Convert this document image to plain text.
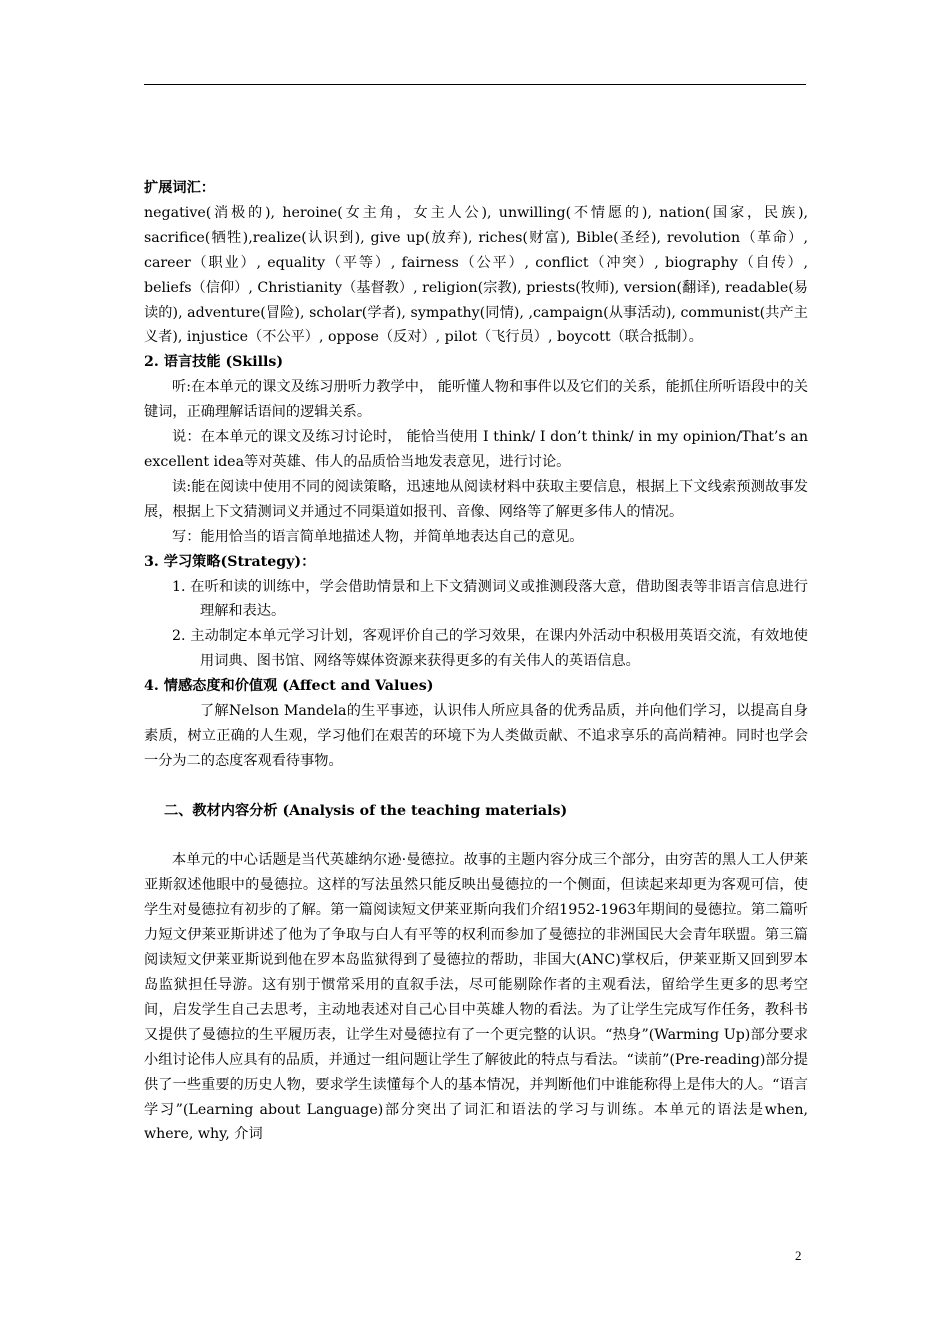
扩展词汇：

negative(消极的), heroine(女主角，女主人公), unwilling(不情愿的), nation(国家，民族), sacrifice(牺牲),realize(认识到), give up(放弃), riches(财富), Bible(圣经), revolution（革命）, career（职业）, equality（平等）, fairness（公平）, conflict（冲突）, biography（自传）, beliefs（信仰）, Christianity（基督教）, religion(宗教), priests(牧师), version(翻译), readable(易读的), adventure(冒险), scholar(学者), sympathy(同情), ,campaign(从事活动), communist(共产主义者), injustice（不公平）, oppose（反对）, pilot（飞行员）, boycott（联合抵制）。

2. 语言技能 (Skills)

听:在本单元的课文及练习册听力教学中， 能听懂人物和事件以及它们的关系，能抓住所听语段中的关键词，正确理解话语间的逻辑关系。

说：在本单元的课文及练习讨论时， 能恰当使用 I think/ I don’t think/ in my opinion/That’s an excellent idea等对英雄、伟人的品质恰当地发表意见，进行讨论。

读:能在阅读中使用不同的阅读策略，迅速地从阅读材料中获取主要信息，根据上下文线索预测故事发展，根据上下文猜测词义并通过不同渠道如报刊、音像、网络等了解更多伟人的情况。

写：能用恰当的语言简单地描述人物，并简单地表达自己的意见。

3. 学习策略(Strategy)：

1. 在听和读的训练中，学会借助情景和上下文猜测词义或推测段落大意，借助图表等非语言信息进行理解和表达。

2. 主动制定本单元学习计划，客观评价自己的学习效果，在课内外活动中积极用英语交流，有效地使用词典、图书馆、网络等媒体资源来获得更多的有关伟人的英语信息。

4. 情感态度和价值观 (Affect and Values)

了解Nelson Mandela的生平事迹，认识伟人所应具备的优秀品质，并向他们学习，以提高自身素质，树立正确的人生观，学习他们在艰苦的环境下为人类做贡献、不追求享乐的高尚精神。同时也学会一分为二的态度客观看待事物。

二、教材内容分析 (Analysis of the teaching materials)

本单元的中心话题是当代英雄纳尔逊·曼德拉。故事的主题内容分成三个部分，由穷苦的黑人工人伊莱亚斯叙述他眼中的曼德拉。这样的写法虽然只能反映出曼德拉的一个侧面，但读起来却更为客观可信，使学生对曼德拉有初步的了解。第一篇阅读短文伊莱亚斯向我们介绍1952-1963年期间的曼德拉。第二篇听力短文伊莱亚斯讲述了他为了争取与白人有平等的权利而参加了曼德拉的非洲国民大会青年联盟。第三篇阅读短文伊莱亚斯说到他在罗本岛监狱得到了曼德拉的帮助，非国大(ANC)掌权后，伊莱亚斯又回到罗本岛监狱担任导游。这有别于惯常采用的直叙手法，尽可能剔除作者的主观看法，留给学生更多的思考空间，启发学生自己去思考，主动地表述对自己心目中英雄人物的看法。为了让学生完成写作任务，教科书又提供了曼德拉的生平履历表，让学生对曼德拉有了一个更完整的认识。“热身”(Warming Up)部分要求小组讨论伟人应具有的品质，并通过一组问题让学生了解彼此的特点与看法。“读前”(Pre-reading)部分提供了一些重要的历史人物，要求学生读懂每个人的基本情况，并判断他们中谁能称得上是伟大的人。“语言学习”(Learning about Language)部分突出了词汇和语法的学习与训练。本单元的语法是when, where, why, 介词

2
